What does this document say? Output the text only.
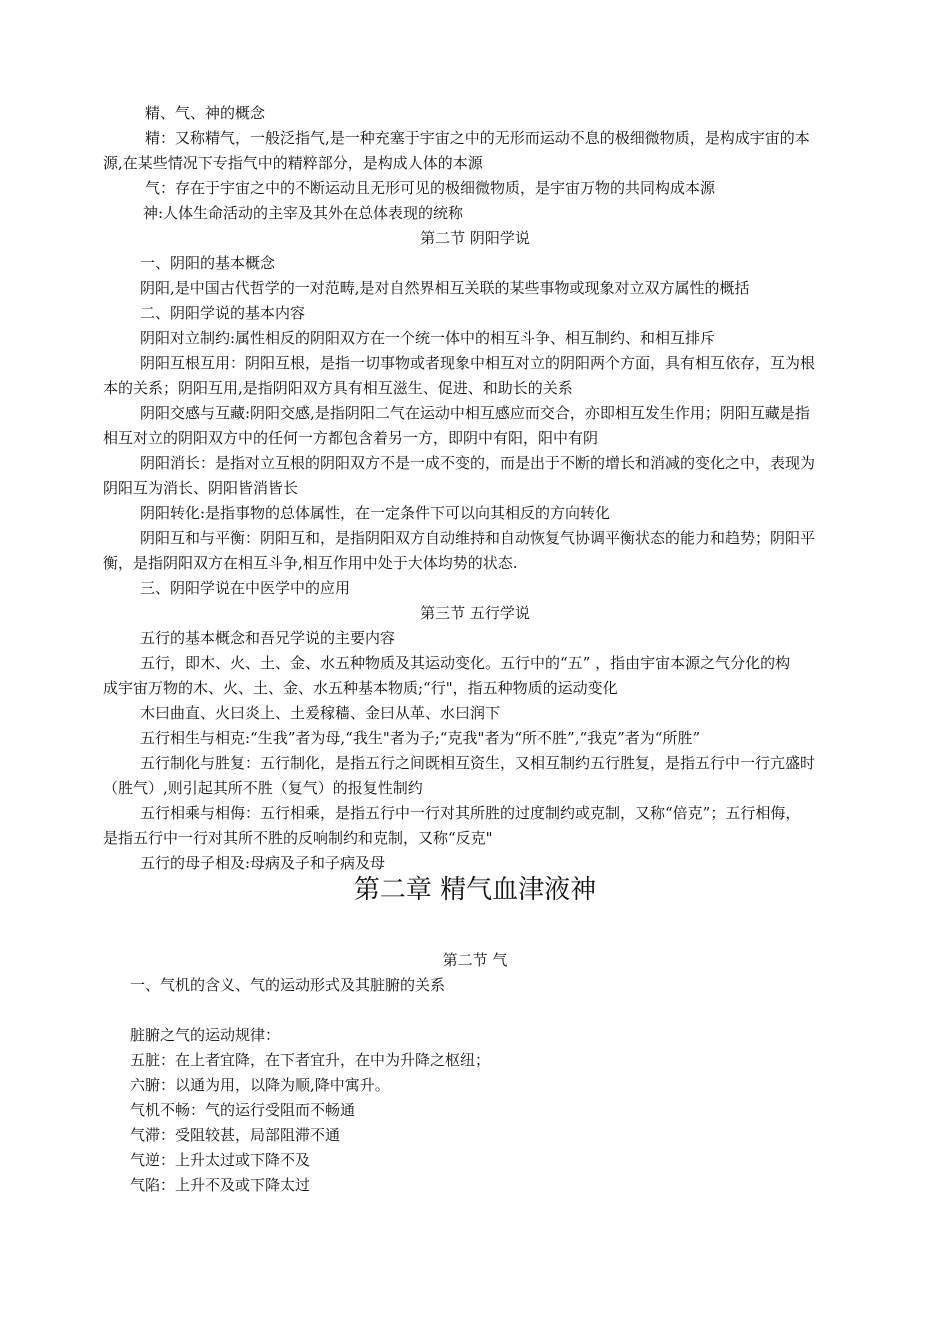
精、气、神的概念
精：又称精气，一般泛指气,是一种充塞于宇宙之中的无形而运动不息的极细微物质，是构成宇宙的本
源,在某些情况下专指气中的精粹部分，是构成人体的本源
气：存在于宇宙之中的不断运动且无形可见的极细微物质，是宇宙万物的共同构成本源
神:人体生命活动的主宰及其外在总体表现的统称
第二节 阴阳学说
一、阴阳的基本概念
阴阳,是中国古代哲学的一对范畴,是对自然界相互关联的某些事物或现象对立双方属性的概括
二、阴阳学说的基本内容
阴阳对立制约:属性相反的阴阳双方在一个统一体中的相互斗争、相互制约、和相互排斥
阴阳互根互用：阴阳互根，是指一切事物或者现象中相互对立的阴阳两个方面，具有相互依存，互为根
本的关系；阴阳互用,是指阴阳双方具有相互滋生、促进、和助长的关系
阴阳交感与互藏:阴阳交感,是指阴阳二气在运动中相互感应而交合，亦即相互发生作用；阴阳互藏是指
相互对立的阴阳双方中的任何一方都包含着另一方，即阴中有阳，阳中有阴
阴阳消长：是指对立互根的阴阳双方不是一成不变的，而是出于不断的增长和消减的变化之中，表现为
阴阳互为消长、阴阳皆消皆长
阴阳转化:是指事物的总体属性，在一定条件下可以向其相反的方向转化
阴阳互和与平衡：阴阳互和，是指阴阳双方自动维持和自动恢复气协调平衡状态的能力和趋势；阴阳平
衡，是指阴阳双方在相互斗争,相互作用中处于大体均势的状态.
三、阴阳学说在中医学中的应用
第三节 五行学说
五行的基本概念和吾兄学说的主要内容
五行，即木、火、土、金、水五种物质及其运动变化。五行中的“五” ，指由宇宙本源之气分化的构
成宇宙万物的木、火、土、金、水五种基本物质;“行"，指五种物质的运动变化
木曰曲直、火曰炎上、土爰稼穑、金曰从革、水曰润下
五行相生与相克:“生我”者为母,“我生"者为子;“克我"者为“所不胜”,“我克”者为“所胜”
五行制化与胜复：五行制化，是指五行之间既相互资生，又相互制约五行胜复，是指五行中一行亢盛时
（胜气）,则引起其所不胜（复气）的报复性制约
五行相乘与相侮：五行相乘，是指五行中一行对其所胜的过度制约或克制，又称“倍克”；五行相侮，
是指五行中一行对其所不胜的反响制约和克制，又称“反克"
五行的母子相及:母病及子和子病及母
第二章 精气血津液神
第二节 气
一、气机的含义、气的运动形式及其脏腑的关系
脏腑之气的运动规律：
五脏：在上者宜降，在下者宜升，在中为升降之枢纽；
六腑：以通为用，以降为顺,降中寓升。
气机不畅：气的运行受阻而不畅通
气滞：受阻较甚，局部阻滞不通
气逆：上升太过或下降不及
气陷：上升不及或下降太过
